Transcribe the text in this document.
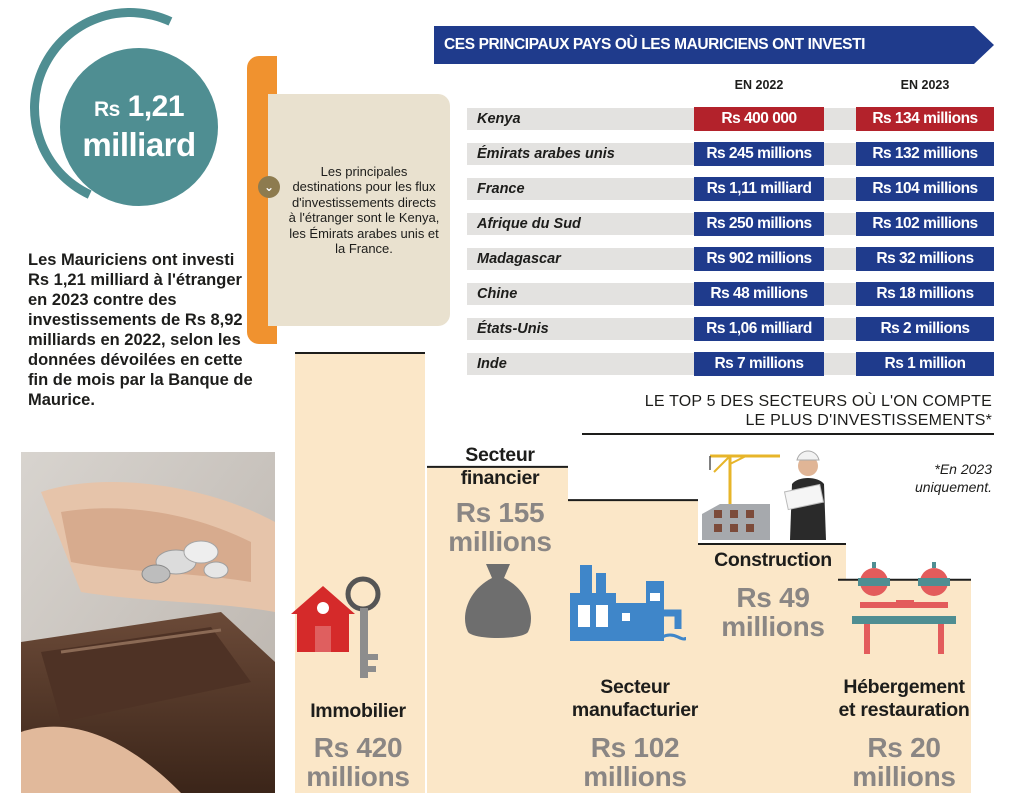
Rs 1,21
milliard
Les Mauriciens ont investi Rs 1,21 milliard à l'étranger en 2023 contre des investissements de Rs 8,92 milliards en 2022, selon les données dévoilées en cette fin de mois par la Banque de Maurice.
Les principales destinations pour les flux d'investissements directs à l'étranger sont le Kenya, les Émirats arabes unis et la France.
⌄
CES PRINCIPAUX PAYS OÙ LES MAURICIENS ONT INVESTI
EN 2022	EN 2023
Kenya	Rs 400 000	Rs 134 millions
Émirats arabes unis	Rs 245 millions	Rs 132 millions
France	Rs 1,11 milliard	Rs 104 millions
Afrique du Sud	Rs 250 millions	Rs 102 millions
Madagascar	Rs 902 millions	Rs 32 millions
Chine	Rs 48 millions	Rs 18 millions
États-Unis	Rs 1,06 milliard	Rs 2 millions
Inde	Rs 7 millions	Rs 1 million
LE TOP 5 DES SECTEURS OÙ L'ON COMPTE
LE PLUS D'INVESTISSEMENTS*
*En 2023
uniquement.
Immobilier
Rs 420
millions
Secteur
financier
Rs 155
millions
Secteur
manufacturier
Rs 102
millions
Construction
Rs 49
millions
Hébergement
et restauration
Rs 20
millions
